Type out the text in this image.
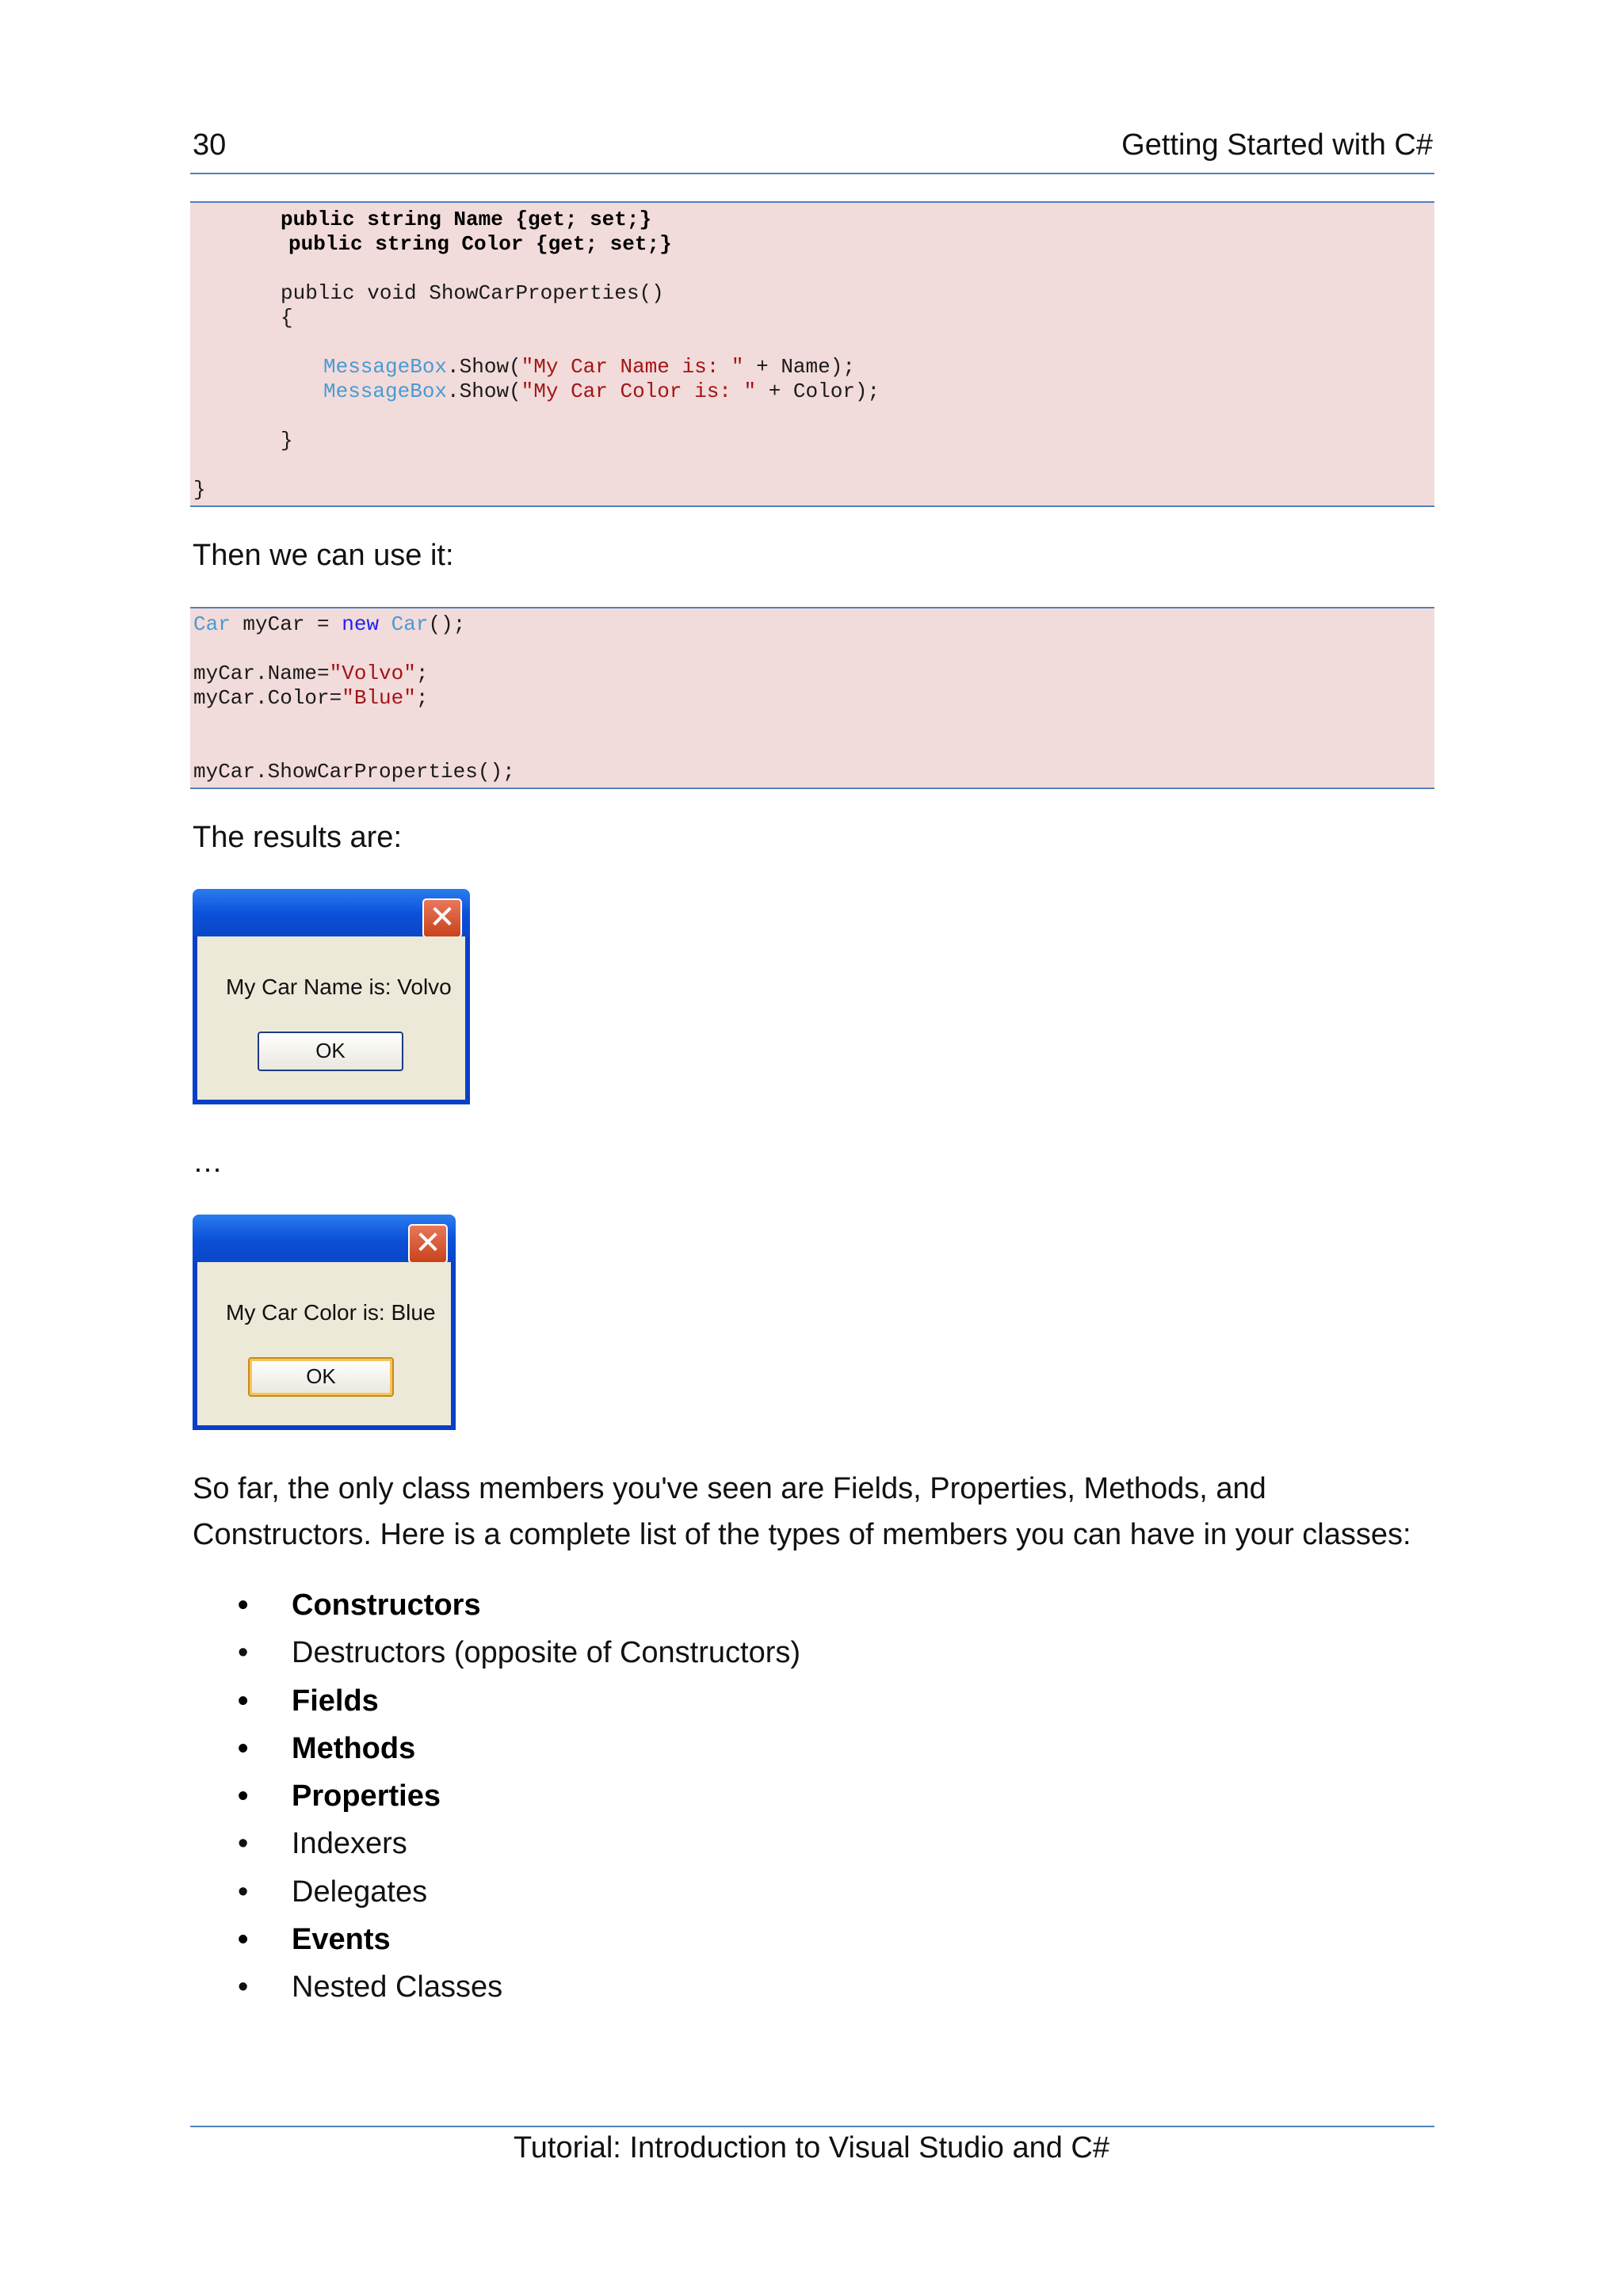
30	Getting Started with C#
public string Name {get; set;}
public string Color {get; set;}
public void ShowCarProperties()
{
MessageBox.Show("My Car Name is: " + Name);
MessageBox.Show("My Car Color is: " + Color);
}
}
Then we can use it:
Car myCar = new Car();
myCar.Name="Volvo";
myCar.Color="Blue";
myCar.ShowCarProperties();
The results are:
✕
My Car Name is: Volvo
OK
…
✕
My Car Color is: Blue
OK
So far, the only class members you've seen are Fields, Properties, Methods, and
Constructors. Here is a complete list of the types of members you can have in your classes:
• Constructors
• Destructors (opposite of Constructors)
• Fields
• Methods
• Properties
• Indexers
• Delegates
• Events
• Nested Classes
Tutorial: Introduction to Visual Studio and C#
